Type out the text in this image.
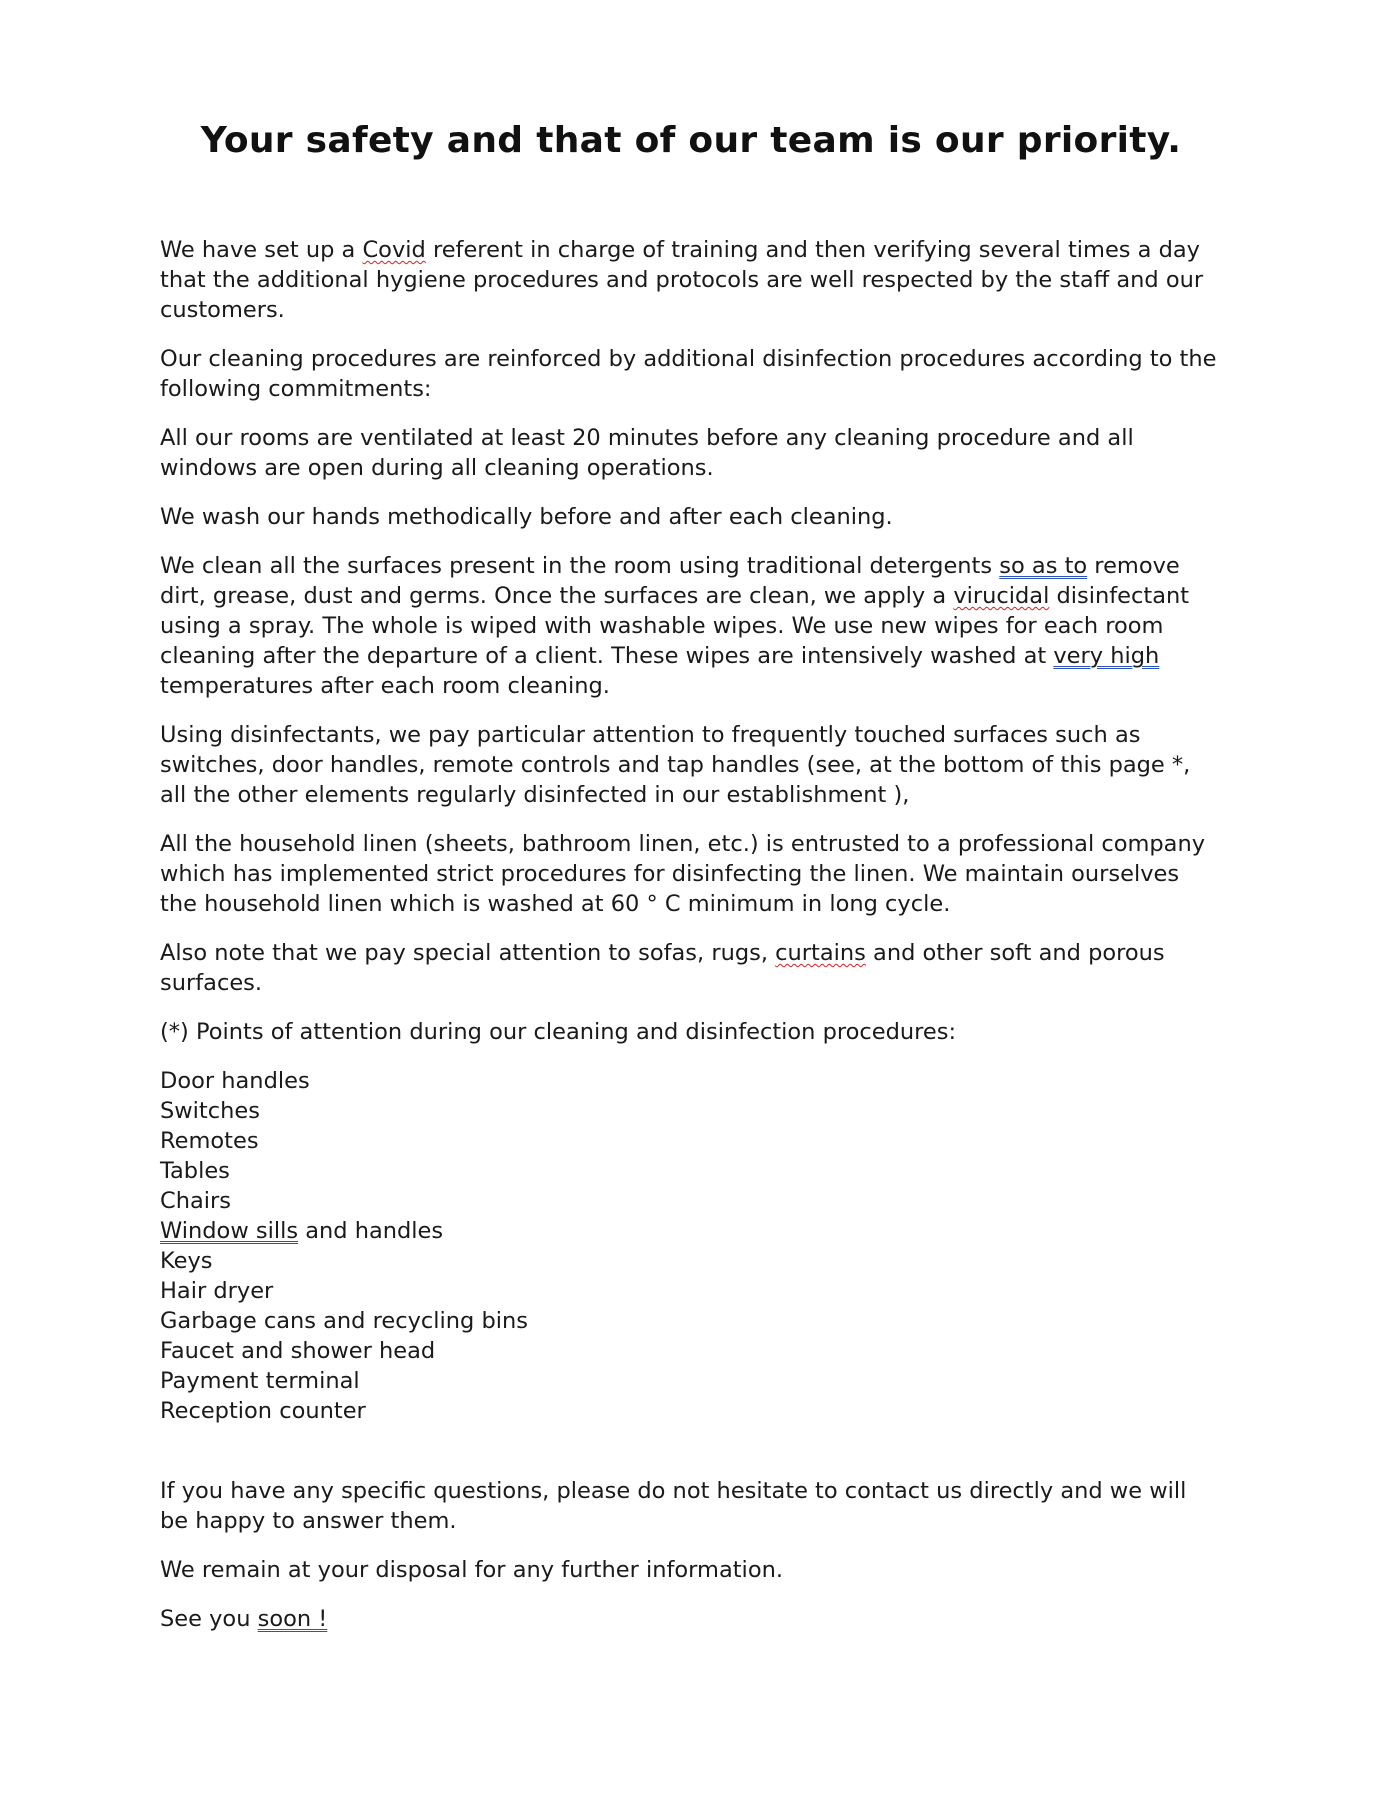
Your safety and that of our team is our priority.

We have set up a Covid referent in charge of training and then verifying several times a day that the additional hygiene procedures and protocols are well respected by the staff and our customers.

Our cleaning procedures are reinforced by additional disinfection procedures according to the following commitments:

All our rooms are ventilated at least 20 minutes before any cleaning procedure and all windows are open during all cleaning operations.

We wash our hands methodically before and after each cleaning.

We clean all the surfaces present in the room using traditional detergents so as to remove dirt, grease, dust and germs. Once the surfaces are clean, we apply a virucidal disinfectant using a spray. The whole is wiped with washable wipes. We use new wipes for each room cleaning after the departure of a client. These wipes are intensively washed at very high temperatures after each room cleaning.

Using disinfectants, we pay particular attention to frequently touched surfaces such as switches, door handles, remote controls and tap handles (see, at the bottom of this page *, all the other elements regularly disinfected in our establishment ),

All the household linen (sheets, bathroom linen, etc.) is entrusted to a professional company which has implemented strict procedures for disinfecting the linen. We maintain ourselves the household linen which is washed at 60 ° C minimum in long cycle.

Also note that we pay special attention to sofas, rugs, curtains and other soft and porous surfaces.

(*) Points of attention during our cleaning and disinfection procedures:

Door handles
Switches
Remotes
Tables
Chairs
Window sills and handles
Keys
Hair dryer
Garbage cans and recycling bins
Faucet and shower head
Payment terminal
Reception counter

If you have any specific questions, please do not hesitate to contact us directly and we will be happy to answer them.

We remain at your disposal for any further information.

See you soon !
